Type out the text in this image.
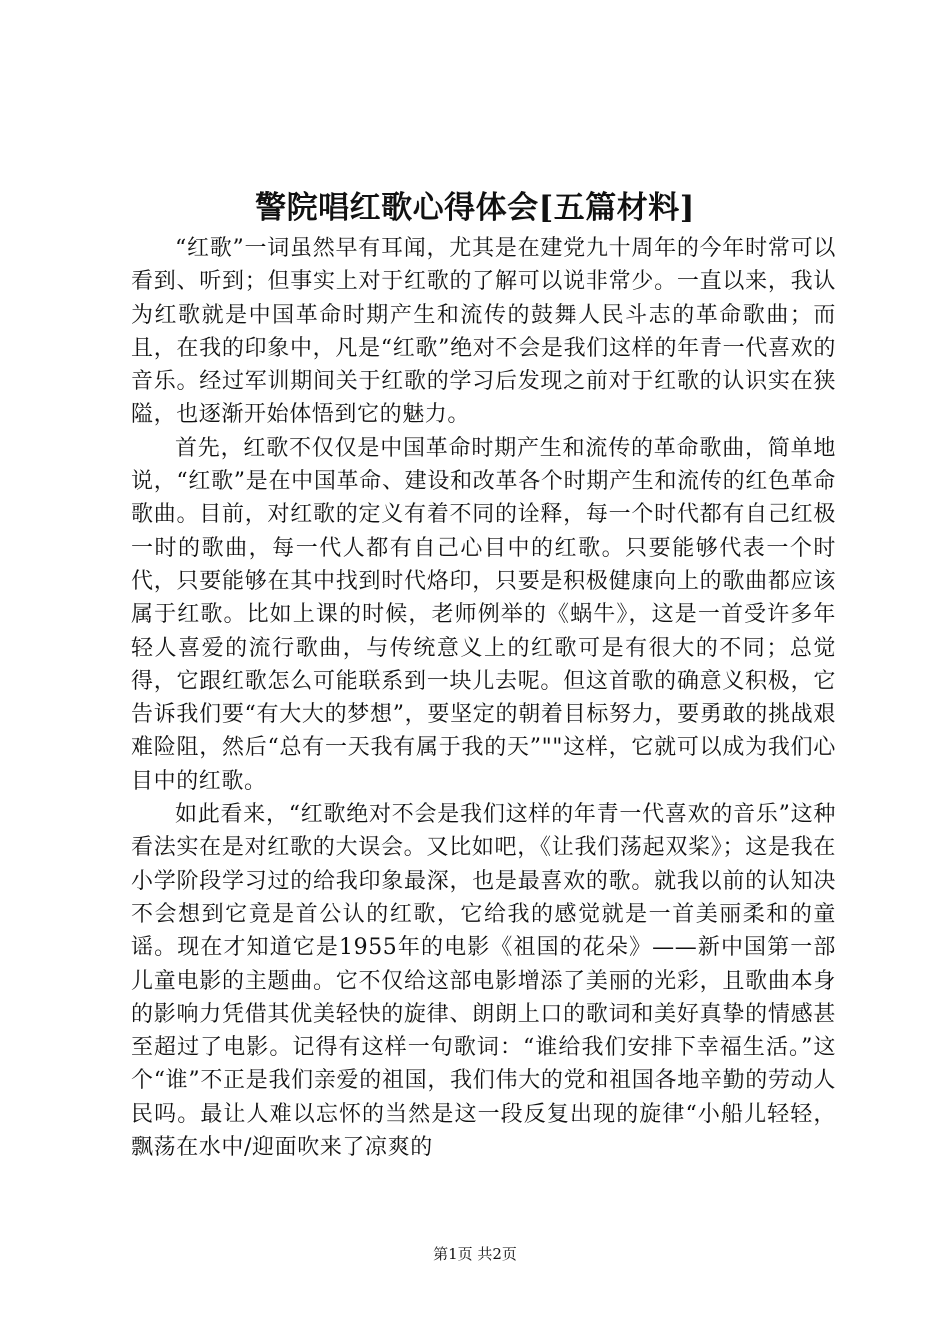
警院唱红歌心得体会[五篇材料]

“红歌”一词虽然早有耳闻，尤其是在建党九十周年的今年时常可以看到、听到；但事实上对于红歌的了解可以说非常少。一直以来，我认为红歌就是中国革命时期产生和流传的鼓舞人民斗志的革命歌曲；而且，在我的印象中，凡是“红歌”绝对不会是我们这样的年青一代喜欢的音乐。经过军训期间关于红歌的学习后发现之前对于红歌的认识实在狭隘，也逐渐开始体悟到它的魅力。

首先，红歌不仅仅是中国革命时期产生和流传的革命歌曲，简单地说，“红歌”是在中国革命、建设和改革各个时期产生和流传的红色革命歌曲。目前，对红歌的定义有着不同的诠释，每一个时代都有自己红极一时的歌曲，每一代人都有自己心目中的红歌。只要能够代表一个时代，只要能够在其中找到时代烙印，只要是积极健康向上的歌曲都应该属于红歌。比如上课的时候，老师例举的《蜗牛》，这是一首受许多年轻人喜爱的流行歌曲，与传统意义上的红歌可是有很大的不同；总觉得，它跟红歌怎么可能联系到一块儿去呢。但这首歌的确意义积极，它告诉我们要“有大大的梦想”，要坚定的朝着目标努力，要勇敢的挑战艰难险阻，然后“总有一天我有属于我的天”""这样，它就可以成为我们心目中的红歌。

如此看来，“红歌绝对不会是我们这样的年青一代喜欢的音乐”这种看法实在是对红歌的大误会。又比如吧，《让我们荡起双桨》；这是我在小学阶段学习过的给我印象最深，也是最喜欢的歌。就我以前的认知决不会想到它竟是首公认的红歌，它给我的感觉就是一首美丽柔和的童谣。现在才知道它是1955年的电影《祖国的花朵》——新中国第一部儿童电影的主题曲。它不仅给这部电影增添了美丽的光彩，且歌曲本身的影响力凭借其优美轻快的旋律、朗朗上口的歌词和美好真挚的情感甚至超过了电影。记得有这样一句歌词：“谁给我们安排下幸福生活。”这个“谁”不正是我们亲爱的祖国，我们伟大的党和祖国各地辛勤的劳动人民吗。最让人难以忘怀的当然是这一段反复出现的旋律“小船儿轻轻，飘荡在水中/迎面吹来了凉爽的

第1页 共2页
